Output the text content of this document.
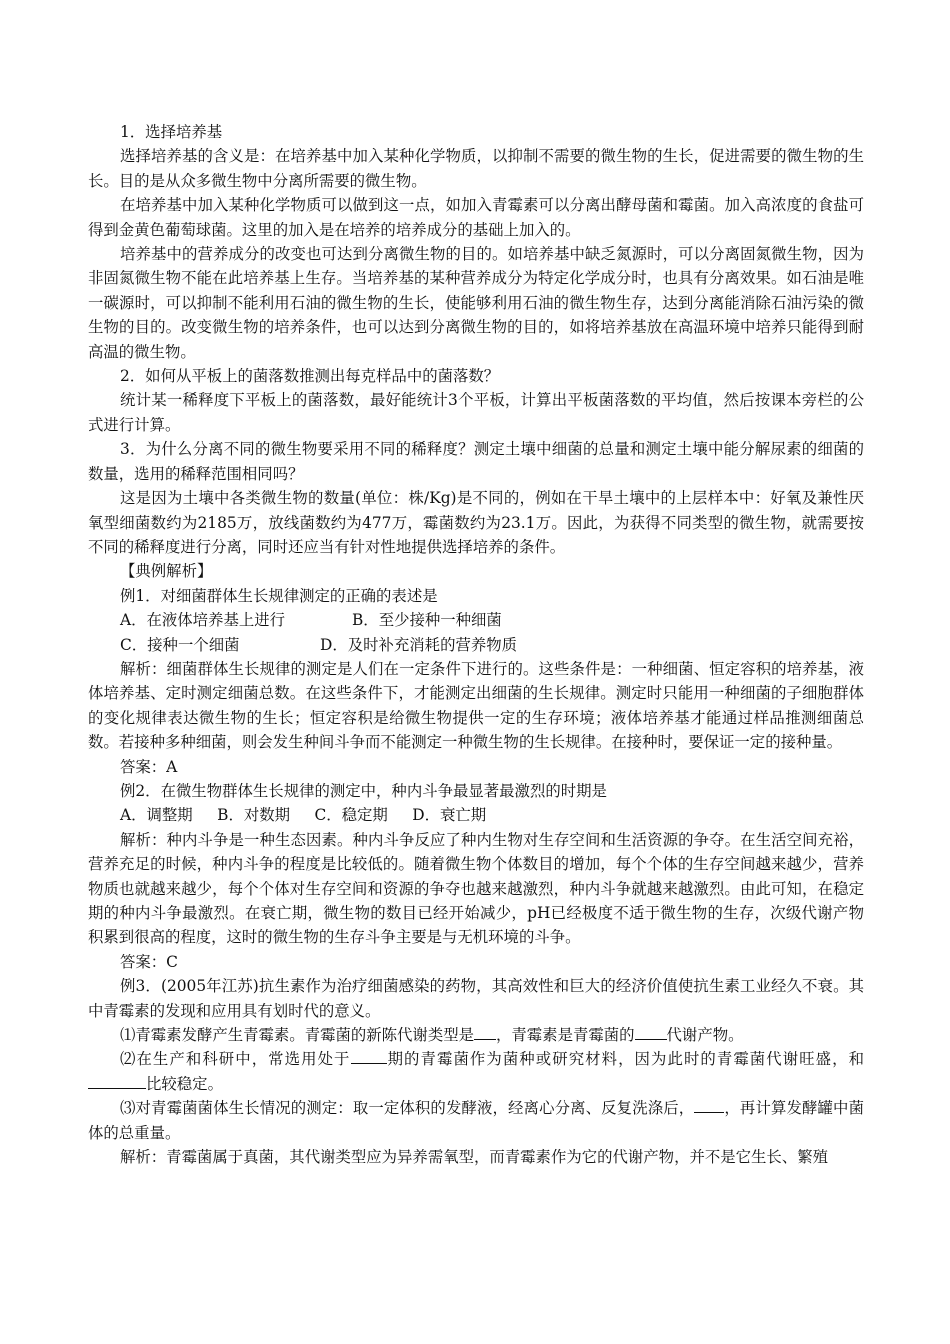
1．选择培养基

选择培养基的含义是：在培养基中加入某种化学物质，以抑制不需要的微生物的生长，促进需要的微生物的生长。目的是从众多微生物中分离所需要的微生物。

在培养基中加入某种化学物质可以做到这一点，如加入青霉素可以分离出酵母菌和霉菌。加入高浓度的食盐可得到金黄色葡萄球菌。这里的加入是在培养的培养成分的基础上加入的。

培养基中的营养成分的改变也可达到分离微生物的目的。如培养基中缺乏氮源时，可以分离固氮微生物，因为非固氮微生物不能在此培养基上生存。当培养基的某种营养成分为特定化学成分时，也具有分离效果。如石油是唯一碳源时，可以抑制不能利用石油的微生物的生长，使能够利用石油的微生物生存，达到分离能消除石油污染的微生物的目的。改变微生物的培养条件，也可以达到分离微生物的目的，如将培养基放在高温环境中培养只能得到耐高温的微生物。

2．如何从平板上的菌落数推测出每克样品中的菌落数？

统计某一稀释度下平板上的菌落数，最好能统计3个平板，计算出平板菌落数的平均值，然后按课本旁栏的公式进行计算。

3．为什么分离不同的微生物要采用不同的稀释度？测定土壤中细菌的总量和测定土壤中能分解尿素的细菌的数量，选用的稀释范围相同吗？

这是因为土壤中各类微生物的数量(单位：株/Kg)是不同的，例如在干旱土壤中的上层样本中：好氧及兼性厌氧型细菌数约为2185万，放线菌数约为477万，霉菌数约为23.1万。因此，为获得不同类型的微生物，就需要按不同的稀释度进行分离，同时还应当有针对性地提供选择培养的条件。

【典例解析】

例1．对细菌群体生长规律测定的正确的表述是

A．在液体培养基上进行	B．至少接种一种细菌

C．接种一个细菌	D．及时补充消耗的营养物质

解析：细菌群体生长规律的测定是人们在一定条件下进行的。这些条件是：一种细菌、恒定容积的培养基，液体培养基、定时测定细菌总数。在这些条件下，才能测定出细菌的生长规律。测定时只能用一种细菌的子细胞群体的变化规律表达微生物的生长；恒定容积是给微生物提供一定的生存环境；液体培养基才能通过样品推测细菌总数。若接种多种细菌，则会发生种间斗争而不能测定一种微生物的生长规律。在接种时，要保证一定的接种量。

答案：A

例2．在微生物群体生长规律的测定中，种内斗争最显著最激烈的时期是

A．调整期     B．对数期     C．稳定期     D．衰亡期

解析：种内斗争是一种生态因素。种内斗争反应了种内生物对生存空间和生活资源的争夺。在生活空间充裕，营养充足的时候，种内斗争的程度是比较低的。随着微生物个体数目的增加，每个个体的生存空间越来越少，营养物质也就越来越少，每个个体对生存空间和资源的争夺也越来越激烈，种内斗争就越来越激烈。由此可知，在稳定期的种内斗争最激烈。在衰亡期，微生物的数目已经开始减少，pH已经极度不适于微生物的生存，次级代谢产物积累到很高的程度，这时的微生物的生存斗争主要是与无机环境的斗争。

答案：C

例3．(2005年江苏)抗生素作为治疗细菌感染的药物，其高效性和巨大的经济价值使抗生素工业经久不衰。其中青霉素的发现和应用具有划时代的意义。

⑴青霉素发酵产生青霉素。青霉菌的新陈代谢类型是 ，青霉素是青霉菌的 代谢产物。

⑵在生产和科研中，常选用处于 期的青霉菌作为菌种或研究材料，因为此时的青霉菌代谢旺盛，和比较稳定。

⑶对青霉菌菌体生长情况的测定：取一定体积的发酵液，经离心分离、反复洗涤后， ，再计算发酵罐中菌体的总重量。

解析：青霉菌属于真菌，其代谢类型应为异养需氧型，而青霉素作为它的代谢产物，并不是它生长、繁殖
